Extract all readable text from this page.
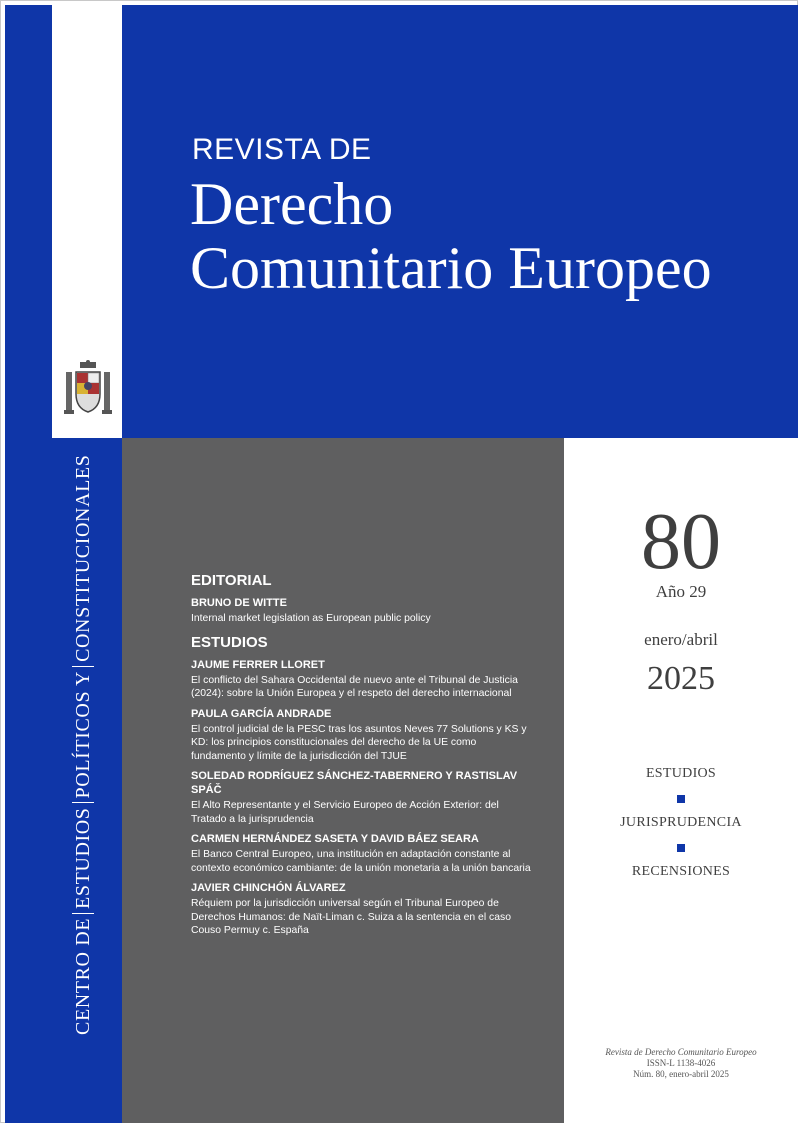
REVISTA DE
Derecho
Comunitario Europeo
CENTRO DEESTUDIOSPOLÍTICOS YCONSTITUCIONALES	EDITORIAL
BRUNO DE WITTE
Internal market legislation as European public policy
ESTUDIOS
JAUME FERRER LLORET
El conflicto del Sahara Occidental de nuevo ante el Tribunal de Justicia (2024): sobre la Unión Europea y el respeto del derecho internacional
PAULA GARCÍA ANDRADE
El control judicial de la PESC tras los asuntos Neves 77 Solutions y KS y KD: los principios constitucionales del derecho de la UE como fundamento y límite de la jurisdicción del TJUE
SOLEDAD RODRÍGUEZ SÁNCHEZ-TABERNERO Y RASTISLAV SPÁČ
El Alto Representante y el Servicio Europeo de Acción Exterior: del Tratado a la jurisprudencia
CARMEN HERNÁNDEZ SASETA Y DAVID BÁEZ SEARA
El Banco Central Europeo, una institución en adaptación constante al contexto económico cambiante: de la unión monetaria a la unión bancaria
JAVIER CHINCHÓN ÁLVAREZ
Réquiem por la jurisdicción universal según el Tribunal Europeo de Derechos Humanos: de Naït-Liman c. Suiza a la sentencia en el caso Couso Permuy c. España
80
Año 29
enero/abril
2025
ESTUDIOS
JURISPRUDENCIA
RECENSIONES
Revista de Derecho Comunitario Europeo
ISSN-L 1138-4026
Núm. 80, enero-abril 2025
